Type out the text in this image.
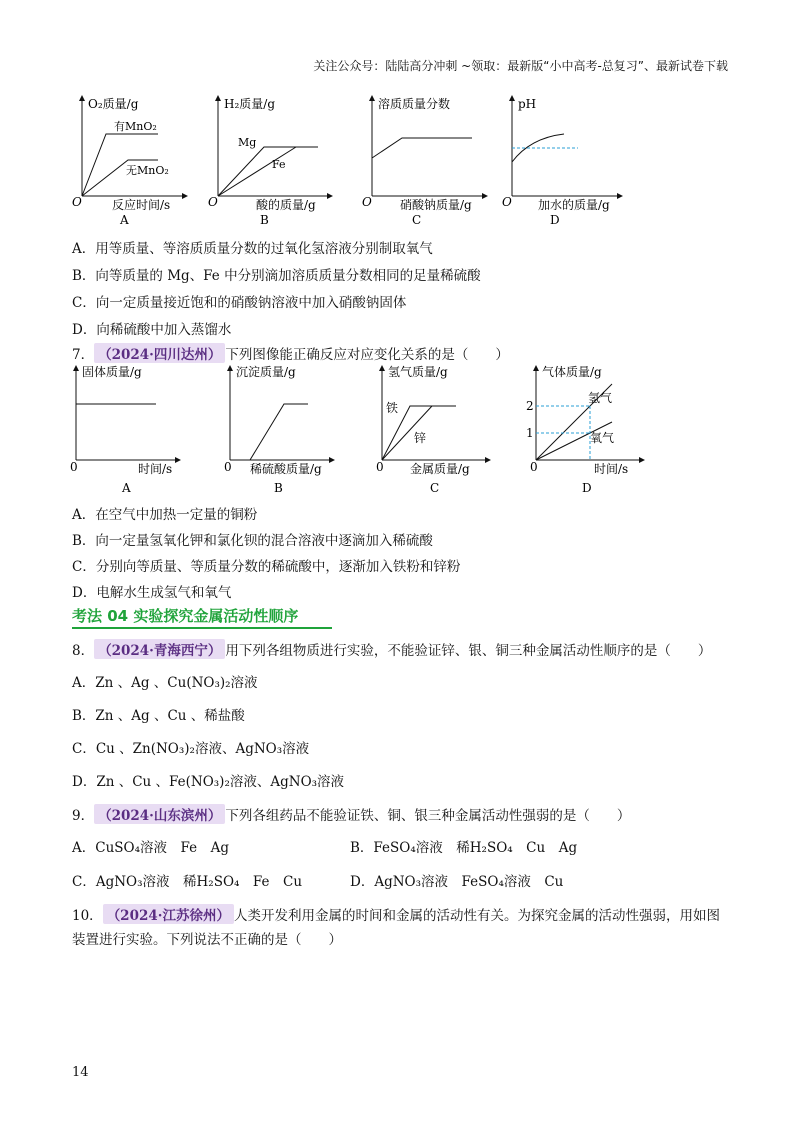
关注公众号：陆陆高分冲刺 ~领取：最新版“小中高考-总复习”、最新试卷下载
O₂质量/g
有MnO₂
无MnO₂
O	反应时间/s
A
H₂质量/g
Mg
Fe
O	酸的质量/g
B
溶质质量分数
O 硝酸钠质量/g
C
pH
O 加水的质量/g
D
A．用等质量、等溶质质量分数的过氧化氢溶液分别制取氧气
B．向等质量的 Mg、Fe 中分别滴加溶质质量分数相同的足量稀硫酸
C．向一定质量接近饱和的硝酸钠溶液中加入硝酸钠固体
D．向稀硫酸中加入蒸馏水
7． （2024·四川达州） 下列图像能正确反应对应变化关系的是（　　）
固体质量/g
0	时间/s
A
沉淀质量/g
0 稀硫酸质量/g
B
氢气质量/g
铁
锌
0 金属质量/g
C
气体质量/g
2
1
氢气
氧气
0	时间/s
D
A．在空气中加热一定量的铜粉
B．向一定量氢氧化钾和氯化钡的混合溶液中逐滴加入稀硫酸
C．分别向等质量、等质量分数的稀硫酸中，逐渐加入铁粉和锌粉
D．电解水生成氢气和氧气
考法 04 实验探究金属活动性顺序
8． （2024·青海西宁） 用下列各组物质进行实验，不能验证锌、银、铜三种金属活动性顺序的是（　　）
A．Zn 、Ag 、Cu(NO₃)₂溶液
B．Zn 、Ag 、Cu 、稀盐酸
C．Cu 、Zn(NO₃)₂溶液、AgNO₃溶液
D．Zn 、Cu 、Fe(NO₃)₂溶液、AgNO₃溶液
9． （2024·山东滨州） 下列各组药品不能验证铁、铜、银三种金属活动性强弱的是（　　）
A．CuSO₄溶液　Fe　Ag	B．FeSO₄溶液　稀H₂SO₄　Cu　Ag
C．AgNO₃溶液　稀H₂SO₄　Fe　Cu	D．AgNO₃溶液　FeSO₄溶液　Cu
10． （2024·江苏徐州） 人类开发利用金属的时间和金属的活动性有关。为探究金属的活动性强弱，用如图
装置进行实验。下列说法不正确的是（　　）
14
